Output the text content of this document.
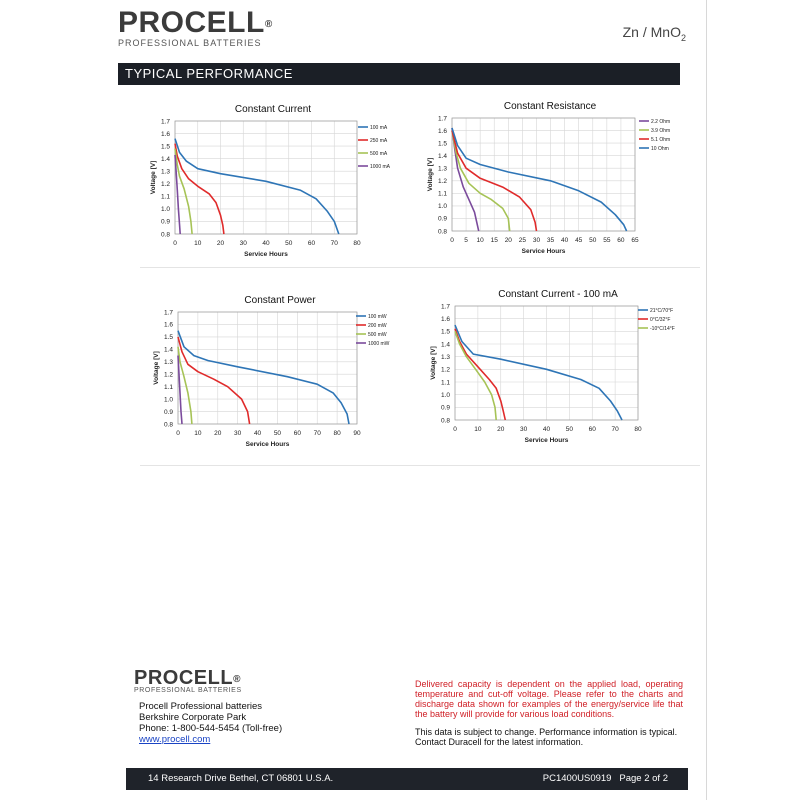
PROCELL®
PROFESSIONAL BATTERIES
Zn / MnO$_2$
TYPICAL PERFORMANCE
Constant Current
0	10 20 30 40 50 60 70 80
0.8
0.9
1.0
1.1
1.2
1.3
1.4
1.5
1.6
1.7
Service Hours
Voltage [V]
100 mA
250 mA
500 mA
1000 mA
Constant Resistance
0 5 10 15 20 25 30 35 40 45 50 55 60 65
0.8
0.9
1.0
1.1
1.2
1.3
1.4
1.5
1.6
1.7
Service Hours
Voltage [V]
2.2 Ohm
3.9 Ohm
5.1 Ohm
10 Ohm
Constant Power
0 10 20 30 40 50 60 70 80 90
0.8
0.9
1.0
1.1
1.2
1.3
1.4
1.5
1.6
1.7
Service Hours
Voltage [V]
100 mW
200 mW
500 mW
1000 mW
Constant Current - 100 mA
0	10 20 30 40 50 60 70 80
0.8
0.9
1.0
1.1
1.2
1.3
1.4
1.5
1.6
1.7
Service Hours
Voltage [V]
21°C/70°F
0°C/32°F
-10°C/14°F
PROCELL®
PROFESSIONAL BATTERIES
Procell Professional batteries
Berkshire Corporate Park
Phone: 1-800-544-5454 (Toll-free)
www.procell.com
Delivered capacity is dependent on the applied load, operating temperature and cut-off voltage. Please refer to the charts and discharge data shown for examples of the energy/service life that the battery will provide for various load conditions.
This data is subject to change. Performance information is typical. Contact Duracell for the latest information.
14 Research Drive Bethel, CT 06801 U.S.A.	PC1400US0919 Page 2 of 2
